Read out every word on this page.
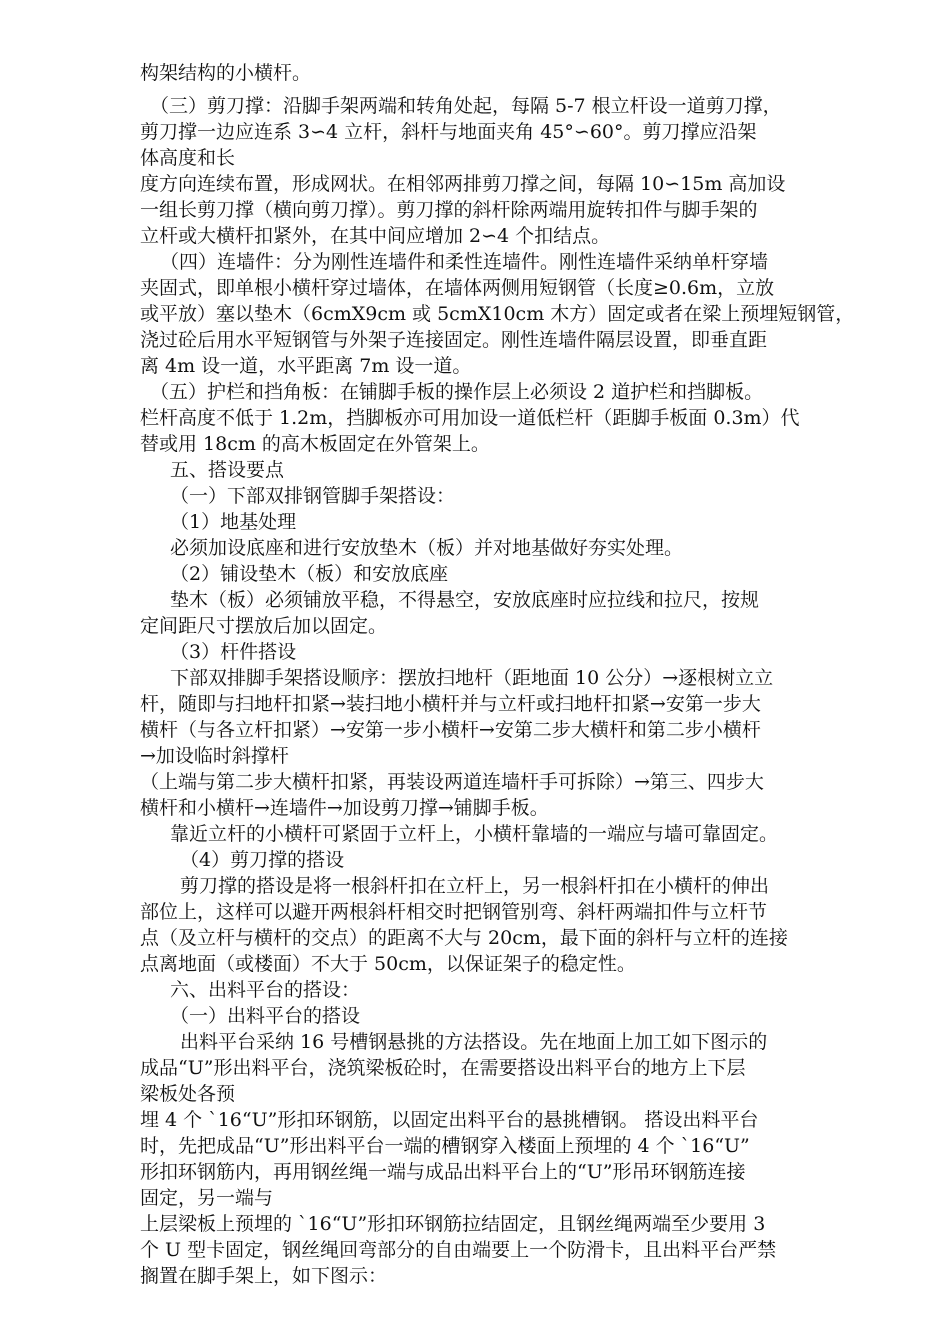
构架结构的小横杆。
（三）剪刀撑：沿脚手架两端和转角处起，每隔 5-7 根立杆设一道剪刀撑，
剪刀撑一边应连系 3∽4 立杆，斜杆与地面夹角 45°∽60°。剪刀撑应沿架
体高度和长
度方向连续布置，形成网状。在相邻两排剪刀撑之间，每隔 10∽15m 高加设
一组长剪刀撑（横向剪刀撑）。剪刀撑的斜杆除两端用旋转扣件与脚手架的
立杆或大横杆扣紧外，在其中间应增加 2∽4 个扣结点。
（四）连墙件：分为刚性连墙件和柔性连墙件。刚性连墙件采纳单杆穿墙
夹固式，即单根小横杆穿过墙体，在墙体两侧用短钢管（长度≥0.6m，立放
或平放）塞以垫木（6cmX9cm 或 5cmX10cm 木方）固定或者在梁上预埋短钢管，
浇过砼后用水平短钢管与外架子连接固定。刚性连墙件隔层设置，即垂直距
离 4m 设一道，水平距离 7m 设一道。
（五）护栏和挡角板：在铺脚手板的操作层上必须设 2 道护栏和挡脚板。
栏杆高度不低于 1.2m，挡脚板亦可用加设一道低栏杆（距脚手板面 0.3m）代
替或用 18cm 的高木板固定在外管架上。
五、搭设要点
（一）下部双排钢管脚手架搭设：
（1）地基处理
必须加设底座和进行安放垫木（板）并对地基做好夯实处理。
（2）铺设垫木（板）和安放底座
垫木（板）必须铺放平稳，不得悬空，安放底座时应拉线和拉尺，按规
定间距尺寸摆放后加以固定。
（3）杆件搭设
下部双排脚手架搭设顺序：摆放扫地杆（距地面 10 公分）→逐根树立立
杆，随即与扫地杆扣紧→装扫地小横杆并与立杆或扫地杆扣紧→安第一步大
横杆（与各立杆扣紧）→安第一步小横杆→安第二步大横杆和第二步小横杆
→加设临时斜撑杆
（上端与第二步大横杆扣紧，再装设两道连墙杆手可拆除）→第三、四步大
横杆和小横杆→连墙件→加设剪刀撑→铺脚手板。
靠近立杆的小横杆可紧固于立杆上，小横杆靠墙的一端应与墙可靠固定。
（4）剪刀撑的搭设
剪刀撑的搭设是将一根斜杆扣在立杆上，另一根斜杆扣在小横杆的伸出
部位上，这样可以避开两根斜杆相交时把钢管别弯、斜杆两端扣件与立杆节
点（及立杆与横杆的交点）的距离不大与 20cm，最下面的斜杆与立杆的连接
点离地面（或楼面）不大于 50cm，以保证架子的稳定性。
六、出料平台的搭设：
（一）出料平台的搭设
出料平台采纳 16 号槽钢悬挑的方法搭设。先在地面上加工如下图示的
成品“U”形出料平台，浇筑梁板砼时，在需要搭设出料平台的地方上下层
梁板处各预
埋 4 个 `16“U”形扣环钢筋，以固定出料平台的悬挑槽钢。 搭设出料平台
时，先把成品“U”形出料平台一端的槽钢穿入楼面上预埋的 4 个 `16“U”
形扣环钢筋内，再用钢丝绳一端与成品出料平台上的“U”形吊环钢筋连接
固定，另一端与
上层梁板上预埋的 `16“U”形扣环钢筋拉结固定，且钢丝绳两端至少要用 3
个 U 型卡固定，钢丝绳回弯部分的自由端要上一个防滑卡，且出料平台严禁
搁置在脚手架上，如下图示：
